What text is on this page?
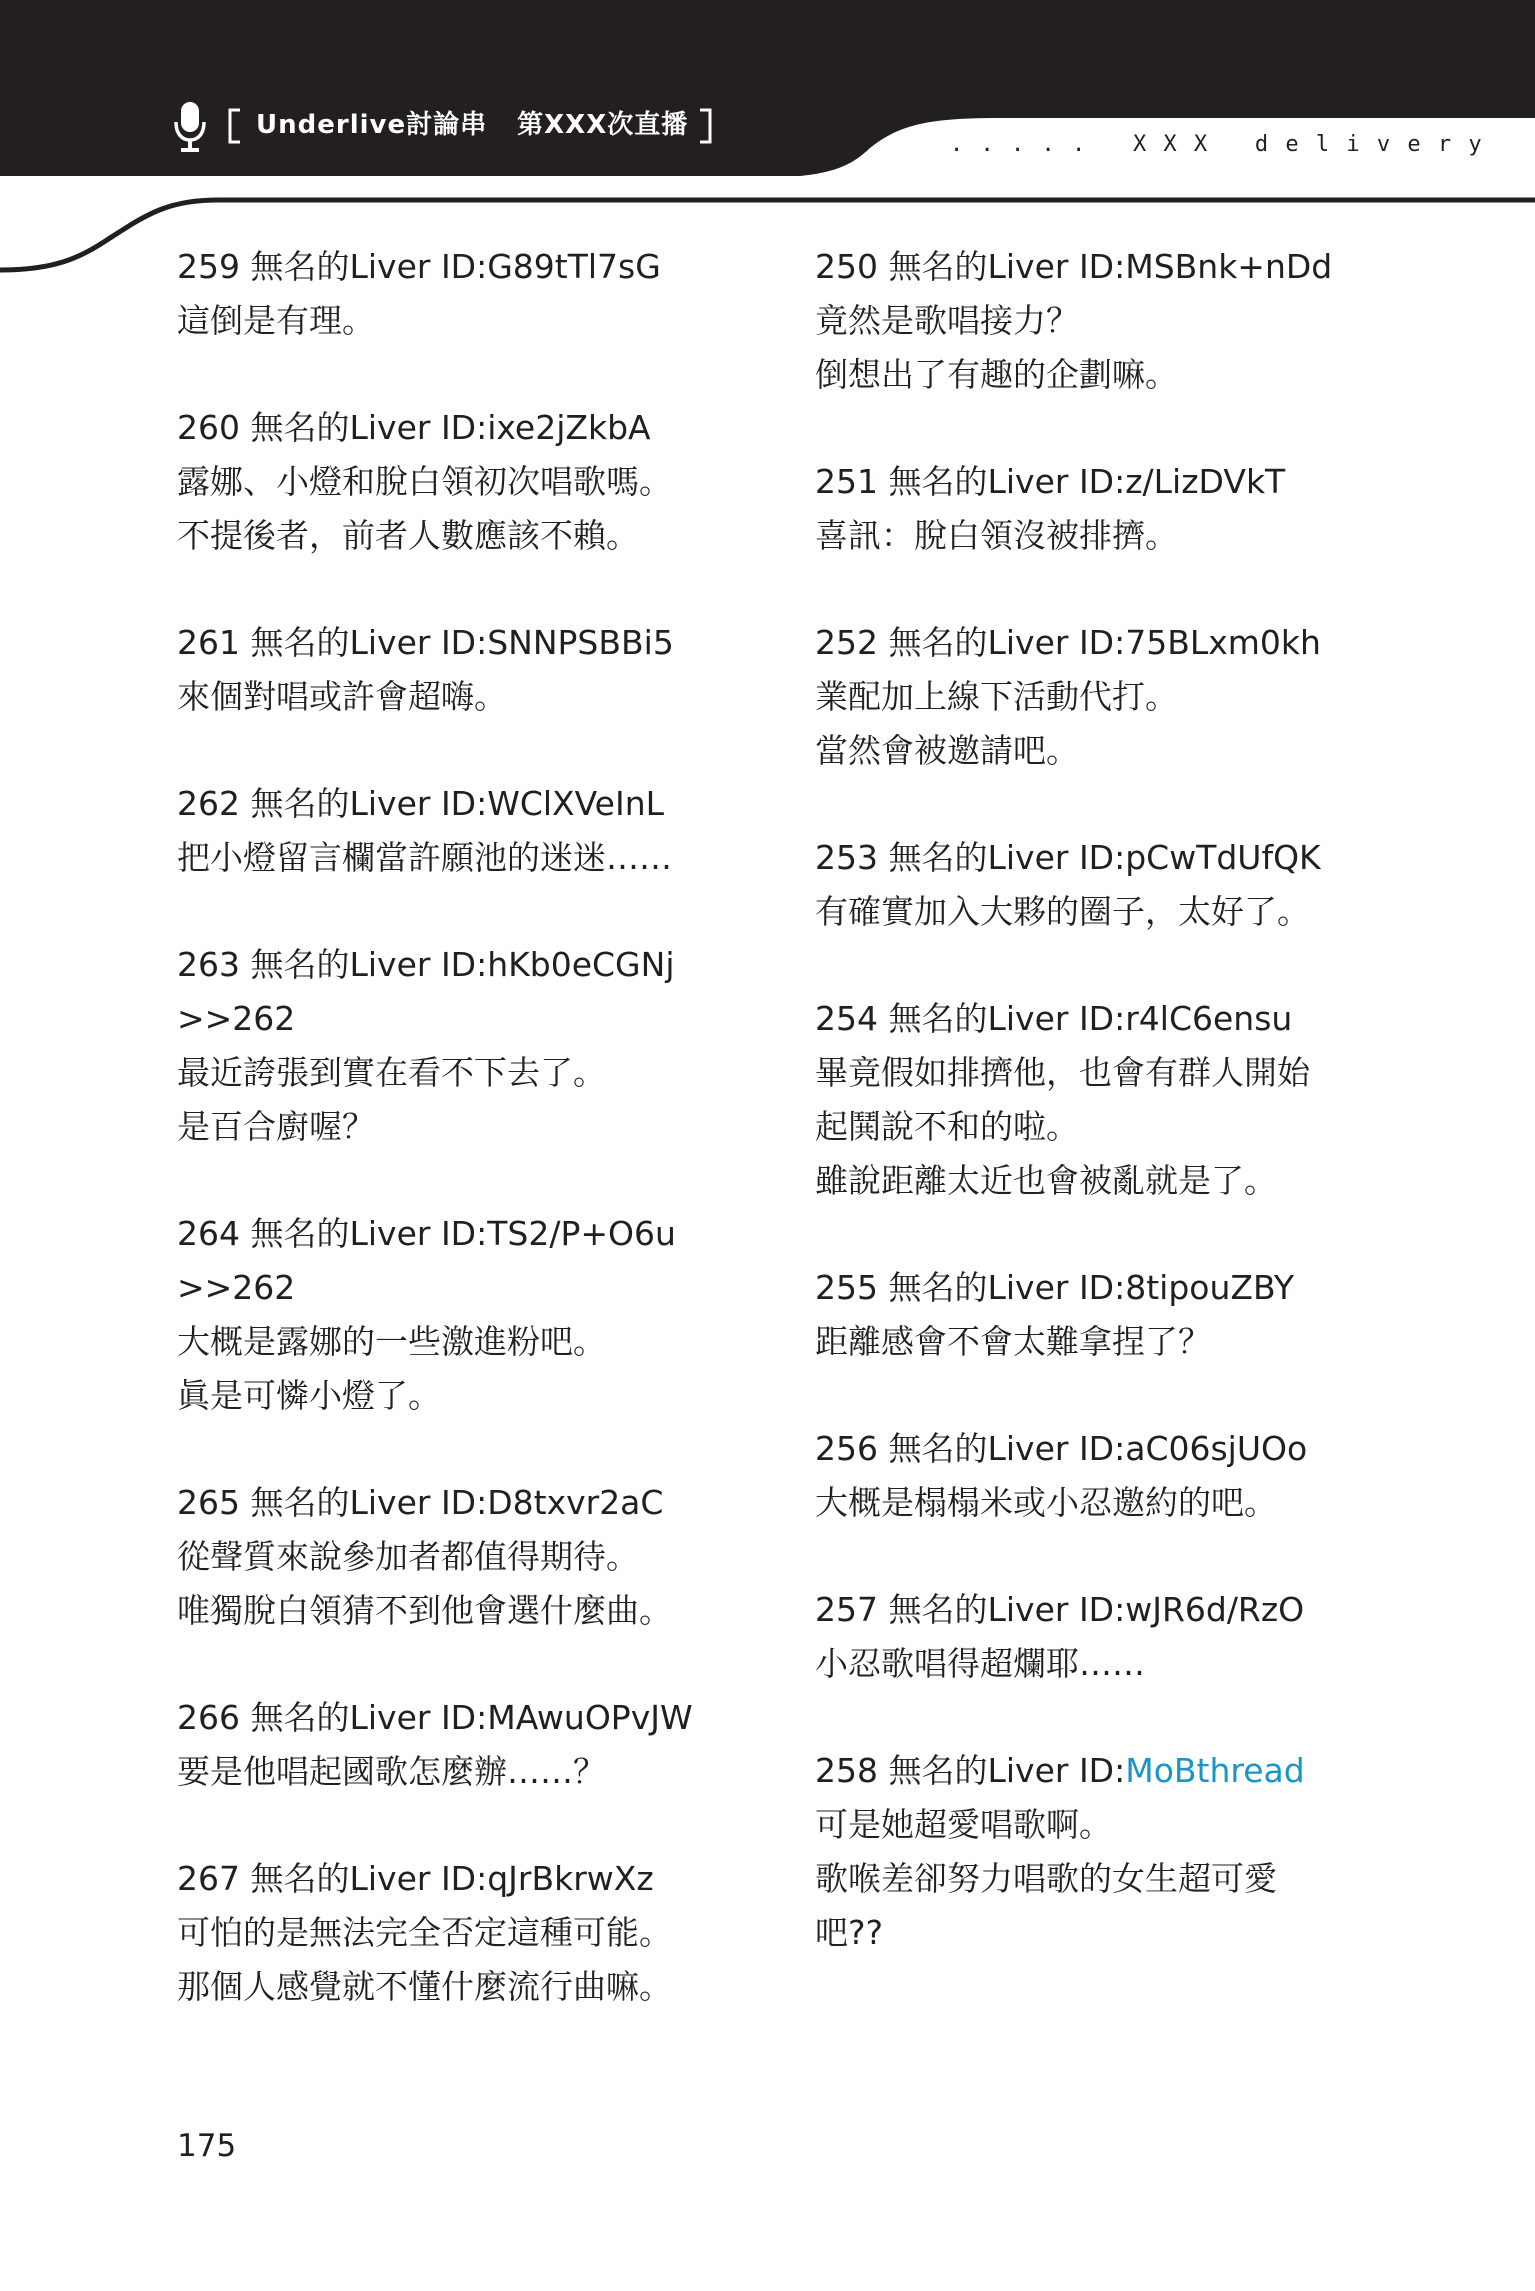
Underlive討論串 第XXX次直播
. . . . .   X X X   d e l i v e r y
259 無名的Liver ID:G89tTl7sG
這倒是有理。
260 無名的Liver ID:ixe2jZkbA
露娜、小燈和脫白領初次唱歌嗎。
不提後者，前者人數應該不賴。
261 無名的Liver ID:SNNPSBBi5
來個對唱或許會超嗨。
262 無名的Liver ID:WClXVeInL
把小燈留言欄當許願池的迷迷……
263 無名的Liver ID:hKb0eCGNj
>>262
最近誇張到實在看不下去了。
是百合廚喔？
264 無名的Liver ID:TS2/P+O6u
>>262
大概是露娜的一些激進粉吧。
眞是可憐小燈了。
265 無名的Liver ID:D8txvr2aC
從聲質來說參加者都值得期待。
唯獨脫白領猜不到他會選什麼曲。
266 無名的Liver ID:MAwuOPvJW
要是他唱起國歌怎麼辦……？
267 無名的Liver ID:qJrBkrwXz
可怕的是無法完全否定這種可能。
那個人感覺就不懂什麼流行曲嘛。
250 無名的Liver ID:MSBnk+nDd
竟然是歌唱接力？
倒想出了有趣的企劃嘛。
251 無名的Liver ID:z/LizDVkT
喜訊：脫白領沒被排擠。
252 無名的Liver ID:75BLxm0kh
業配加上線下活動代打。
當然會被邀請吧。
253 無名的Liver ID:pCwTdUfQK
有確實加入大夥的圈子，太好了。
254 無名的Liver ID:r4lC6ensu
畢竟假如排擠他，也會有群人開始
起鬨說不和的啦。
雖說距離太近也會被亂就是了。
255 無名的Liver ID:8tipouZBY
距離感會不會太難拿捏了？
256 無名的Liver ID:aC06sjUOo
大概是榻榻米或小忍邀約的吧。
257 無名的Liver ID:wJR6d/RzO
小忍歌唱得超爛耶……
258 無名的Liver ID:MoBthread
可是她超愛唱歌啊。
歌喉差卻努力唱歌的女生超可愛
吧??
175
